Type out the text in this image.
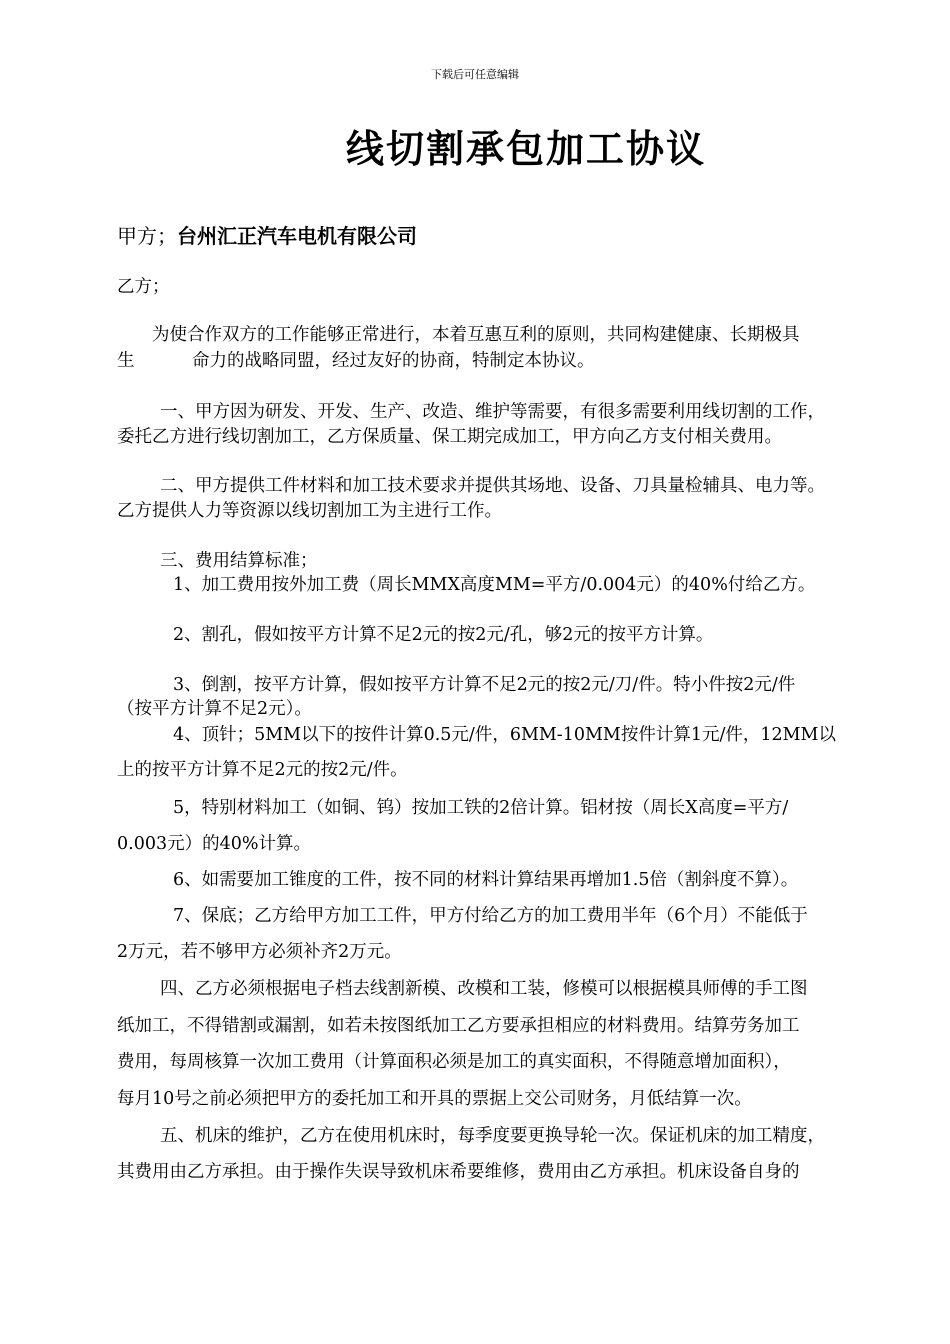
下载后可任意编辑
线切割承包加工协议
甲方；台州汇正汽车电机有限公司
乙方；
为使合作双方的工作能够正常进行，本着互惠互利的原则，共同构建健康、长期极具
生	命力的战略同盟，经过友好的协商，特制定本协议。
一、甲方因为研发、开发、生产、改造、维护等需要，有很多需要利用线切割的工作，
委托乙方进行线切割加工，乙方保质量、保工期完成加工，甲方向乙方支付相关费用。
二、甲方提供工件材料和加工技术要求并提供其场地、设备、刀具量检辅具、电力等。
乙方提供人力等资源以线切割加工为主进行工作。
三、费用结算标准；
1、加工费用按外加工费（周长MMX高度MM=平方/0.004元）的40%付给乙方。
2、割孔，假如按平方计算不足2元的按2元/孔，够2元的按平方计算。
3、倒割，按平方计算，假如按平方计算不足2元的按2元/刀/件。特小件按2元/件
（按平方计算不足2元）。
4、顶针；5MM以下的按件计算0.5元/件，6MM-10MM按件计算1元/件，12MM以
上的按平方计算不足2元的按2元/件。
5，特别材料加工（如铜、钨）按加工铁的2倍计算。铝材按（周长X高度=平方/
0.003元）的40%计算。
6、如需要加工锥度的工件，按不同的材料计算结果再增加1.5倍（割斜度不算）。
7、保底；乙方给甲方加工工件，甲方付给乙方的加工费用半年（6个月）不能低于
2万元，若不够甲方必须补齐2万元。
四、乙方必须根据电子档去线割新模、改模和工装，修模可以根据模具师傅的手工图
纸加工，不得错割或漏割，如若未按图纸加工乙方要承担相应的材料费用。结算劳务加工
费用，每周核算一次加工费用（计算面积必须是加工的真实面积，不得随意增加面积），
每月10号之前必须把甲方的委托加工和开具的票据上交公司财务，月低结算一次。
五、机床的维护，乙方在使用机床时，每季度要更换导轮一次。保证机床的加工精度，
其费用由乙方承担。由于操作失误导致机床希要维修，费用由乙方承担。机床设备自身的
